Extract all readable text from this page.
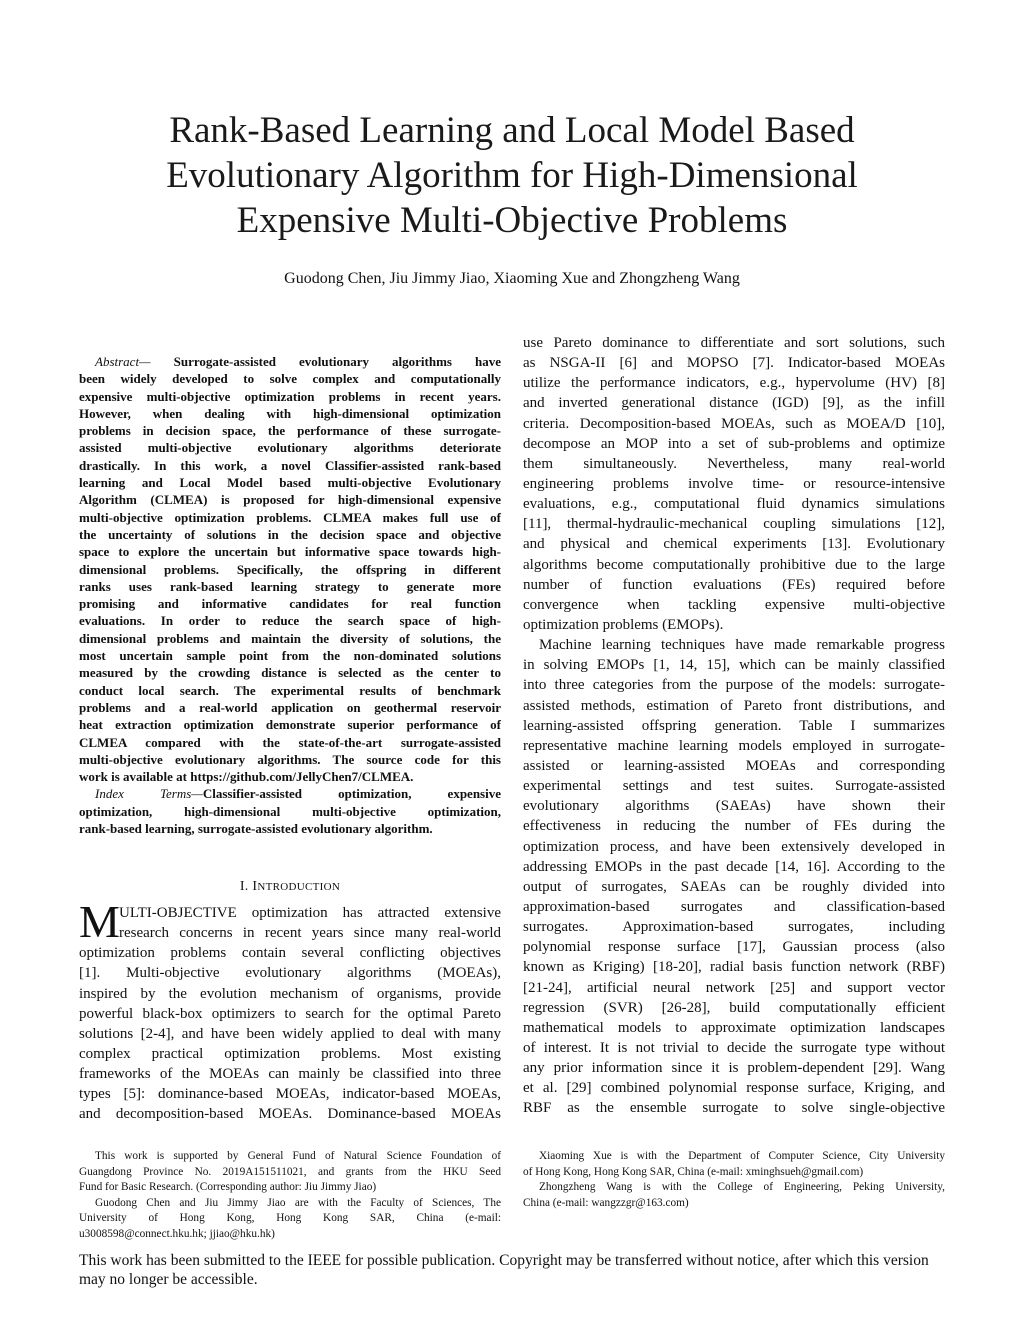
Rank-Based Learning and Local Model Based
Evolutionary Algorithm for High-Dimensional
Expensive Multi-Objective Problems
Guodong Chen, Jiu Jimmy Jiao, Xiaoming Xue and Zhongzheng Wang
Abstract— Surrogate-assisted evolutionary algorithms have
been widely developed to solve complex and computationally
expensive multi-objective optimization problems in recent years.
However, when dealing with high-dimensional optimization
problems in decision space, the performance of these surrogate-
assisted multi-objective evolutionary algorithms deteriorate
drastically. In this work, a novel Classifier-assisted rank-based
learning and Local Model based multi-objective Evolutionary
Algorithm (CLMEA) is proposed for high-dimensional expensive
multi-objective optimization problems. CLMEA makes full use of
the uncertainty of solutions in the decision space and objective
space to explore the uncertain but informative space towards high-
dimensional problems. Specifically, the offspring in different
ranks uses rank-based learning strategy to generate more
promising and informative candidates for real function
evaluations. In order to reduce the search space of high-
dimensional problems and maintain the diversity of solutions, the
most uncertain sample point from the non-dominated solutions
measured by the crowding distance is selected as the center to
conduct local search. The experimental results of benchmark
problems and a real-world application on geothermal reservoir
heat extraction optimization demonstrate superior performance of
CLMEA compared with the state-of-the-art surrogate-assisted
multi-objective evolutionary algorithms. The source code for this
work is available at https://github.com/JellyChen7/CLMEA.
Index Terms—Classifier-assisted optimization, expensive
optimization, high-dimensional multi-objective optimization,
rank-based learning, surrogate-assisted evolutionary algorithm.
I. INTRODUCTION
M ULTI-OBJECTIVE optimization has attracted extensive
research concerns in recent years since many real-world
optimization problems contain several conflicting objectives
[1]. Multi-objective evolutionary algorithms (MOEAs),
inspired by the evolution mechanism of organisms, provide
powerful black-box optimizers to search for the optimal Pareto
solutions [2-4], and have been widely applied to deal with many
complex practical optimization problems. Most existing
frameworks of the MOEAs can mainly be classified into three
types [5]: dominance-based MOEAs, indicator-based MOEAs,
and decomposition-based MOEAs. Dominance-based MOEAs
use Pareto dominance to differentiate and sort solutions, such
as NSGA-II [6] and MOPSO [7]. Indicator-based MOEAs
utilize the performance indicators, e.g., hypervolume (HV) [8]
and inverted generational distance (IGD) [9], as the infill
criteria. Decomposition-based MOEAs, such as MOEA/D [10],
decompose an MOP into a set of sub-problems and optimize
them simultaneously. Nevertheless, many real-world
engineering problems involve time- or resource-intensive
evaluations, e.g., computational fluid dynamics simulations
[11], thermal-hydraulic-mechanical coupling simulations [12],
and physical and chemical experiments [13]. Evolutionary
algorithms become computationally prohibitive due to the large
number of function evaluations (FEs) required before
convergence when tackling expensive multi-objective
optimization problems (EMOPs).
Machine learning techniques have made remarkable progress
in solving EMOPs [1, 14, 15], which can be mainly classified
into three categories from the purpose of the models: surrogate-
assisted methods, estimation of Pareto front distributions, and
learning-assisted offspring generation. Table I summarizes
representative machine learning models employed in surrogate-
assisted or learning-assisted MOEAs and corresponding
experimental settings and test suites. Surrogate-assisted
evolutionary algorithms (SAEAs) have shown their
effectiveness in reducing the number of FEs during the
optimization process, and have been extensively developed in
addressing EMOPs in the past decade [14, 16]. According to the
output of surrogates, SAEAs can be roughly divided into
approximation-based surrogates and classification-based
surrogates. Approximation-based surrogates, including
polynomial response surface [17], Gaussian process (also
known as Kriging) [18-20], radial basis function network (RBF)
[21-24], artificial neural network [25] and support vector
regression (SVR) [26-28], build computationally efficient
mathematical models to approximate optimization landscapes
of interest. It is not trivial to decide the surrogate type without
any prior information since it is problem-dependent [29]. Wang
et al. [29] combined polynomial response surface, Kriging, and
RBF as the ensemble surrogate to solve single-objective
This work is supported by General Fund of Natural Science Foundation of
Guangdong Province No. 2019A151511021, and grants from the HKU Seed
Fund for Basic Research. (Corresponding author: Jiu Jimmy Jiao)
Guodong Chen and Jiu Jimmy Jiao are with the Faculty of Sciences, The
University of Hong Kong, Hong Kong SAR, China (e-mail:
u3008598@connect.hku.hk; jjiao@hku.hk)
Xiaoming Xue is with the Department of Computer Science, City University
of Hong Kong, Hong Kong SAR, China (e-mail: xminghsueh@gmail.com)
Zhongzheng Wang is with the College of Engineering, Peking University,
China (e-mail: wangzzgr@163.com)
This work has been submitted to the IEEE for possible publication. Copyright may be transferred without notice, after which this version may no longer be accessible.
